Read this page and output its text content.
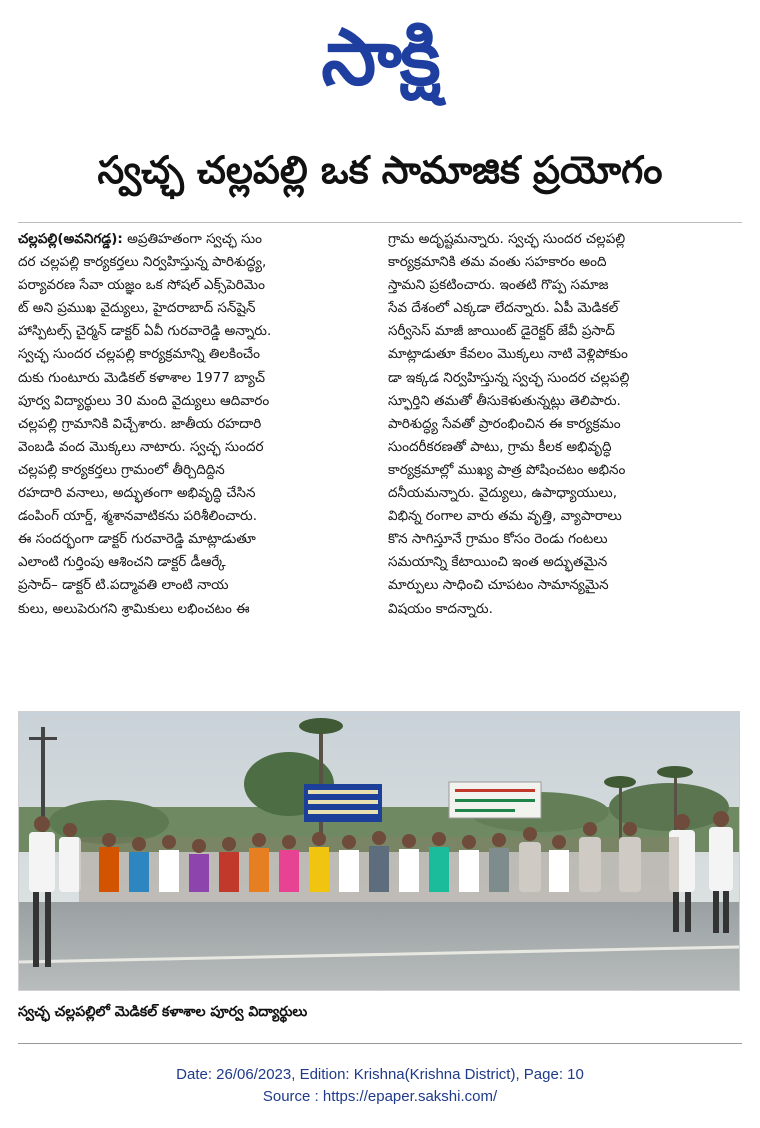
సాక్షి
స్వచ్ఛ చల్లపల్లి ఒక సామాజిక ప్రయోగం
చల్లపల్లి(అవనిగడ్డ): అప్రతిహతంగా స్వచ్ఛ సుం
దర చల్లపల్లి కార్యకర్తలు నిర్వహిస్తున్న పారిశుద్ధ్య,
పర్యావరణ సేవా యజ్ఞం ఒక సోషల్ ఎక్స్‌పెరిమెం
ట్ అని ప్రముఖ వైద్యులు, హైదరాబాద్ సన్‌షైన్
హాస్పిటల్స్ చైర్మన్ డాక్టర్ ఏవీ గురవారెడ్డి అన్నారు.
స్వచ్ఛ సుందర చల్లపల్లి కార్యక్రమాన్ని తిలకించేం
దుకు గుంటూరు మెడికల్ కళాశాల 1977 బ్యాచ్
పూర్వ విద్యార్థులు 30 మంది వైద్యులు ఆదివారం
చల్లపల్లి గ్రామానికి విచ్చేశారు. జాతీయ రహదారి
వెంబడి వంద మొక్కలు నాటారు. స్వచ్ఛ సుందర
చల్లపల్లి కార్యకర్తలు గ్రామంలో తీర్చిదిద్దిన
రహదారి వనాలు, అద్భుతంగా అభివృద్ధి చేసిన
డంపింగ్ యార్డ్, శ్మశానవాటికను పరిశీలించారు.
ఈ సందర్భంగా డాక్టర్ గురవారెడ్డి మాట్లాడుతూ
ఎలాంటి గుర్తింపు ఆశించని డాక్టర్ డీఆర్కే
ప్రసాద్– డాక్టర్ టి.పద్మావతి లాంటి నాయ
కులు, అలుపెరుగని శ్రామికులు లభించటం ఈ
గ్రామ అదృష్టమన్నారు. స్వచ్ఛ సుందర చల్లపల్లి
కార్యక్రమానికి తమ వంతు సహకారం అంది
స్తామని ప్రకటించారు. ఇంతటి గొప్ప సమాజ
సేవ దేశంలో ఎక్కడా లేదన్నారు. ఏపీ మెడికల్
సర్వీసెస్ మాజీ జాయింట్ డైరెక్టర్ జేవీ ప్రసాద్
మాట్లాడుతూ కేవలం మొక్కలు నాటి వెళ్లిపోకుం
డా ఇక్కడ నిర్వహిస్తున్న స్వచ్ఛ సుందర చల్లపల్లి
స్ఫూర్తిని తమతో తీసుకెళుతున్నట్లు తెలిపారు.
పారిశుద్ధ్య సేవతో ప్రారంభించిన ఈ కార్యక్రమం
సుందరీకరణతో పాటు, గ్రామ కీలక అభివృద్ధి
కార్యక్రమాల్లో ముఖ్య పాత్ర పోషించటం అభినం
దనీయమన్నారు. వైద్యులు, ఉపాధ్యాయులు,
విభిన్న రంగాల వారు తమ వృత్తి, వ్యాపారాలు
కొన సాగిస్తూనే గ్రామం కోసం రెండు గంటలు
సమయాన్ని కేటాయించి ఇంత అద్భుతమైన
మార్పులు సాధించి చూపటం సామాన్యమైన
విషయం కాదన్నారు.
స్వచ్ఛ చల్లపల్లిలో మెడికల్ కళాశాల పూర్వ విద్యార్థులు
Date: 26/06/2023, Edition: Krishna(Krishna District), Page: 10
Source : https://epaper.sakshi.com/
